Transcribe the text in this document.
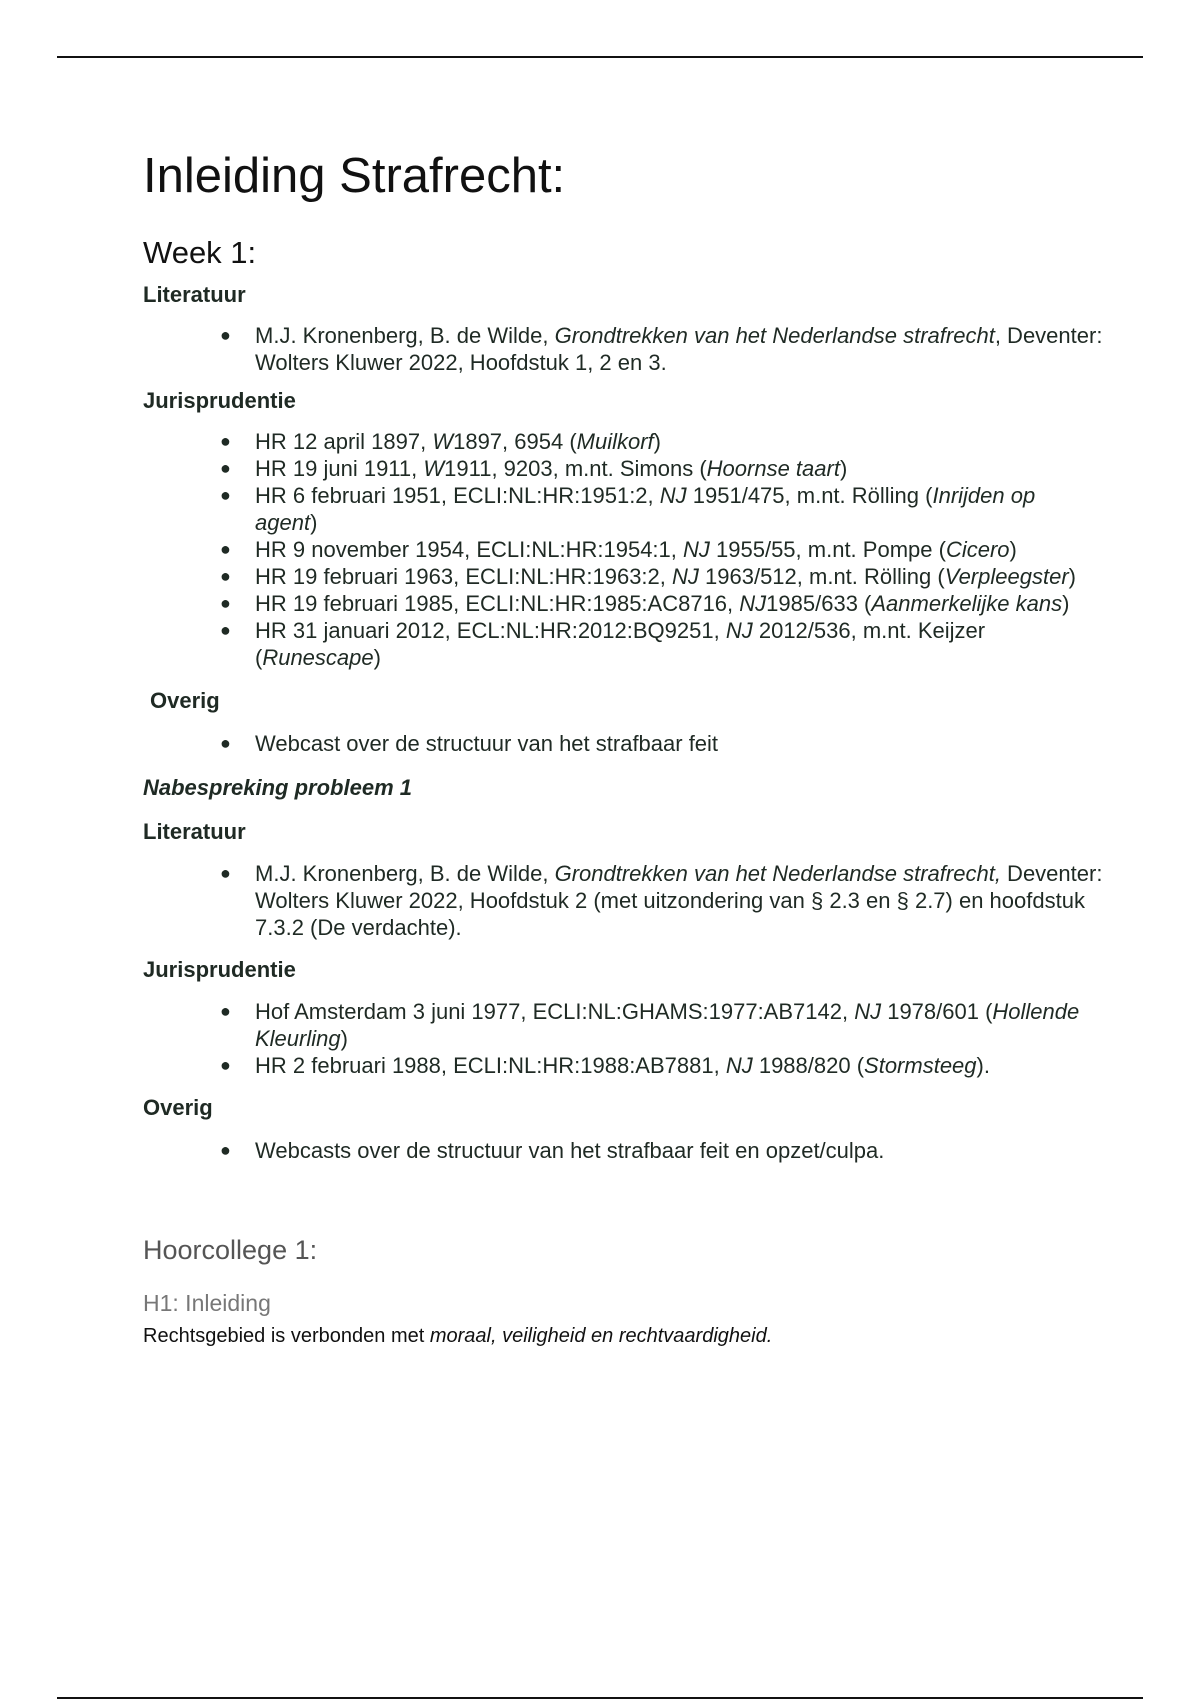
Inleiding Strafrecht:
Week 1:

Literatuur

● M.J. Kronenberg, B. de Wilde, Grondtrekken van het Nederlandse strafrecht, Deventer: Wolters Kluwer 2022, Hoofdstuk 1, 2 en 3.

Jurisprudentie

● HR 12 april 1897, W1897, 6954 (Muilkorf)
● HR 19 juni 1911, W1911, 9203, m.nt. Simons (Hoornse taart)
● HR 6 februari 1951, ECLI:NL:HR:1951:2, NJ 1951/475, m.nt. Rölling (Inrijden op agent)
● HR 9 november 1954, ECLI:NL:HR:1954:1, NJ 1955/55, m.nt. Pompe (Cicero)
● HR 19 februari 1963, ECLI:NL:HR:1963:2, NJ 1963/512, m.nt. Rölling (Verpleegster)
● HR 19 februari 1985, ECLI:NL:HR:1985:AC8716, NJ1985/633 (Aanmerkelijke kans)
● HR 31 januari 2012, ECL:NL:HR:2012:BQ9251, NJ 2012/536, m.nt. Keijzer (Runescape)

Overig

● Webcast over de structuur van het strafbaar feit

Nabespreking probleem 1

Literatuur

● M.J. Kronenberg, B. de Wilde, Grondtrekken van het Nederlandse strafrecht, Deventer: Wolters Kluwer 2022, Hoofdstuk 2 (met uitzondering van § 2.3 en § 2.7) en hoofdstuk 7.3.2 (De verdachte).

Jurisprudentie

● Hof Amsterdam 3 juni 1977, ECLI:NL:GHAMS:1977:AB7142, NJ 1978/601 (Hollende Kleurling)
● HR 2 februari 1988, ECLI:NL:HR:1988:AB7881, NJ 1988/820 (Stormsteeg).

Overig

● Webcasts over de structuur van het strafbaar feit en opzet/culpa.
Hoorcollege 1:
H1: Inleiding

Rechtsgebied is verbonden met moraal, veiligheid en rechtvaardigheid.
